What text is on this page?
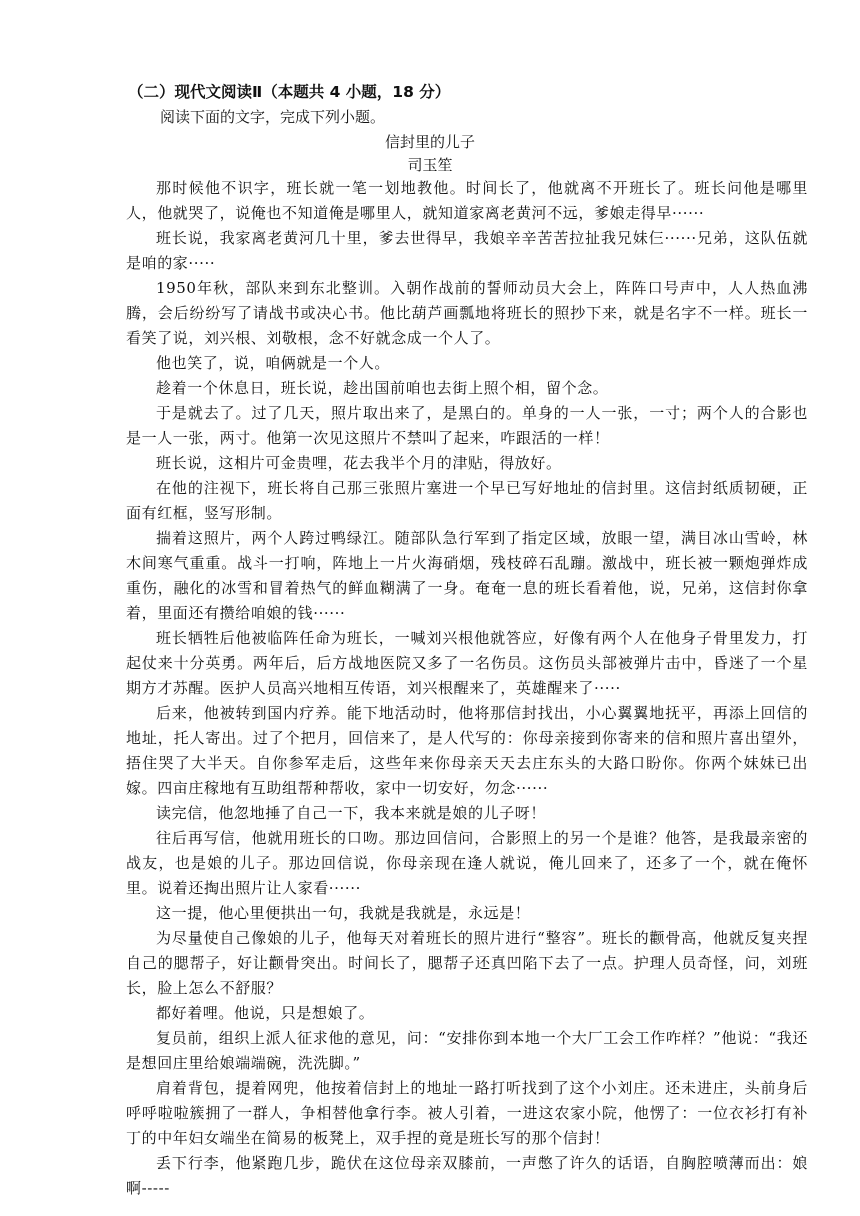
（二）现代文阅读Ⅱ（本题共 4 小题，18 分）
阅读下面的文字，完成下列小题。
信封里的儿子
司玉笙

那时候他不识字，班长就一笔一划地教他。时间长了，他就离不开班长了。班长问他是哪里人，他就哭了，说俺也不知道俺是哪里人，就知道家离老黄河不远，爹娘走得早······

班长说，我家离老黄河几十里，爹去世得早，我娘辛辛苦苦拉扯我兄妹仨······兄弟，这队伍就是咱的家·····

1950年秋，部队来到东北整训。入朝作战前的誓师动员大会上，阵阵口号声中，人人热血沸腾，会后纷纷写了请战书或决心书。他比葫芦画瓢地将班长的照抄下来，就是名字不一样。班长一看笑了说，刘兴根、刘敬根，念不好就念成一个人了。

他也笑了，说，咱俩就是一个人。

趁着一个休息日，班长说，趁出国前咱也去街上照个相，留个念。

于是就去了。过了几天，照片取出来了，是黑白的。单身的一人一张，一寸；两个人的合影也是一人一张，两寸。他第一次见这照片不禁叫了起来，咋跟活的一样！

班长说，这相片可金贵哩，花去我半个月的津贴，得放好。

在他的注视下，班长将自己那三张照片塞进一个早已写好地址的信封里。这信封纸质韧硬，正面有红框，竖写形制。

揣着这照片，两个人跨过鸭绿江。随部队急行军到了指定区域，放眼一望，满目冰山雪岭，林木间寒气重重。战斗一打响，阵地上一片火海硝烟，残枝碎石乱蹦。激战中，班长被一颗炮弹炸成重伤，融化的冰雪和冒着热气的鲜血糊满了一身。奄奄一息的班长看着他，说，兄弟，这信封你拿着，里面还有攒给咱娘的钱······

班长牺牲后他被临阵任命为班长，一喊刘兴根他就答应，好像有两个人在他身子骨里发力，打起仗来十分英勇。两年后，后方战地医院又多了一名伤员。这伤员头部被弹片击中，昏迷了一个星期方才苏醒。医护人员高兴地相互传语，刘兴根醒来了，英雄醒来了·····

后来，他被转到国内疗养。能下地活动时，他将那信封找出，小心翼翼地抚平，再添上回信的地址，托人寄出。过了个把月，回信来了，是人代写的：你母亲接到你寄来的信和照片喜出望外，捂住哭了大半天。自你参军走后，这些年来你母亲天天去庄东头的大路口盼你。你两个妹妹已出嫁。四亩庄稼地有互助组帮种帮收，家中一切安好，勿念······

读完信，他忽地捶了自己一下，我本来就是娘的儿子呀！

往后再写信，他就用班长的口吻。那边回信问，合影照上的另一个是谁？他答，是我最亲密的战友，也是娘的儿子。那边回信说，你母亲现在逢人就说，俺儿回来了，还多了一个，就在俺怀里。说着还掏出照片让人家看······

这一提，他心里便拱出一句，我就是我就是，永远是！

为尽量使自己像娘的儿子，他每天对着班长的照片进行“整容”。班长的颧骨高，他就反复夹捏自己的腮帮子，好让颧骨突出。时间长了，腮帮子还真凹陷下去了一点。护理人员奇怪，问，刘班长，脸上怎么不舒服？

都好着哩。他说，只是想娘了。

复员前，组织上派人征求他的意见，问：“安排你到本地一个大厂工会工作咋样？”他说：“我还是想回庄里给娘端端碗，洗洗脚。”

肩着背包，提着网兜，他按着信封上的地址一路打听找到了这个小刘庄。还未进庄，头前身后呼呼啦啦簇拥了一群人，争相替他拿行李。被人引着，一进这农家小院，他愣了：一位衣衫打有补丁的中年妇女端坐在简易的板凳上，双手捏的竟是班长写的那个信封！

丢下行李，他紧跑几步，跪伏在这位母亲双膝前，一声憋了许久的话语，自胸腔喷薄而出：娘啊-----
